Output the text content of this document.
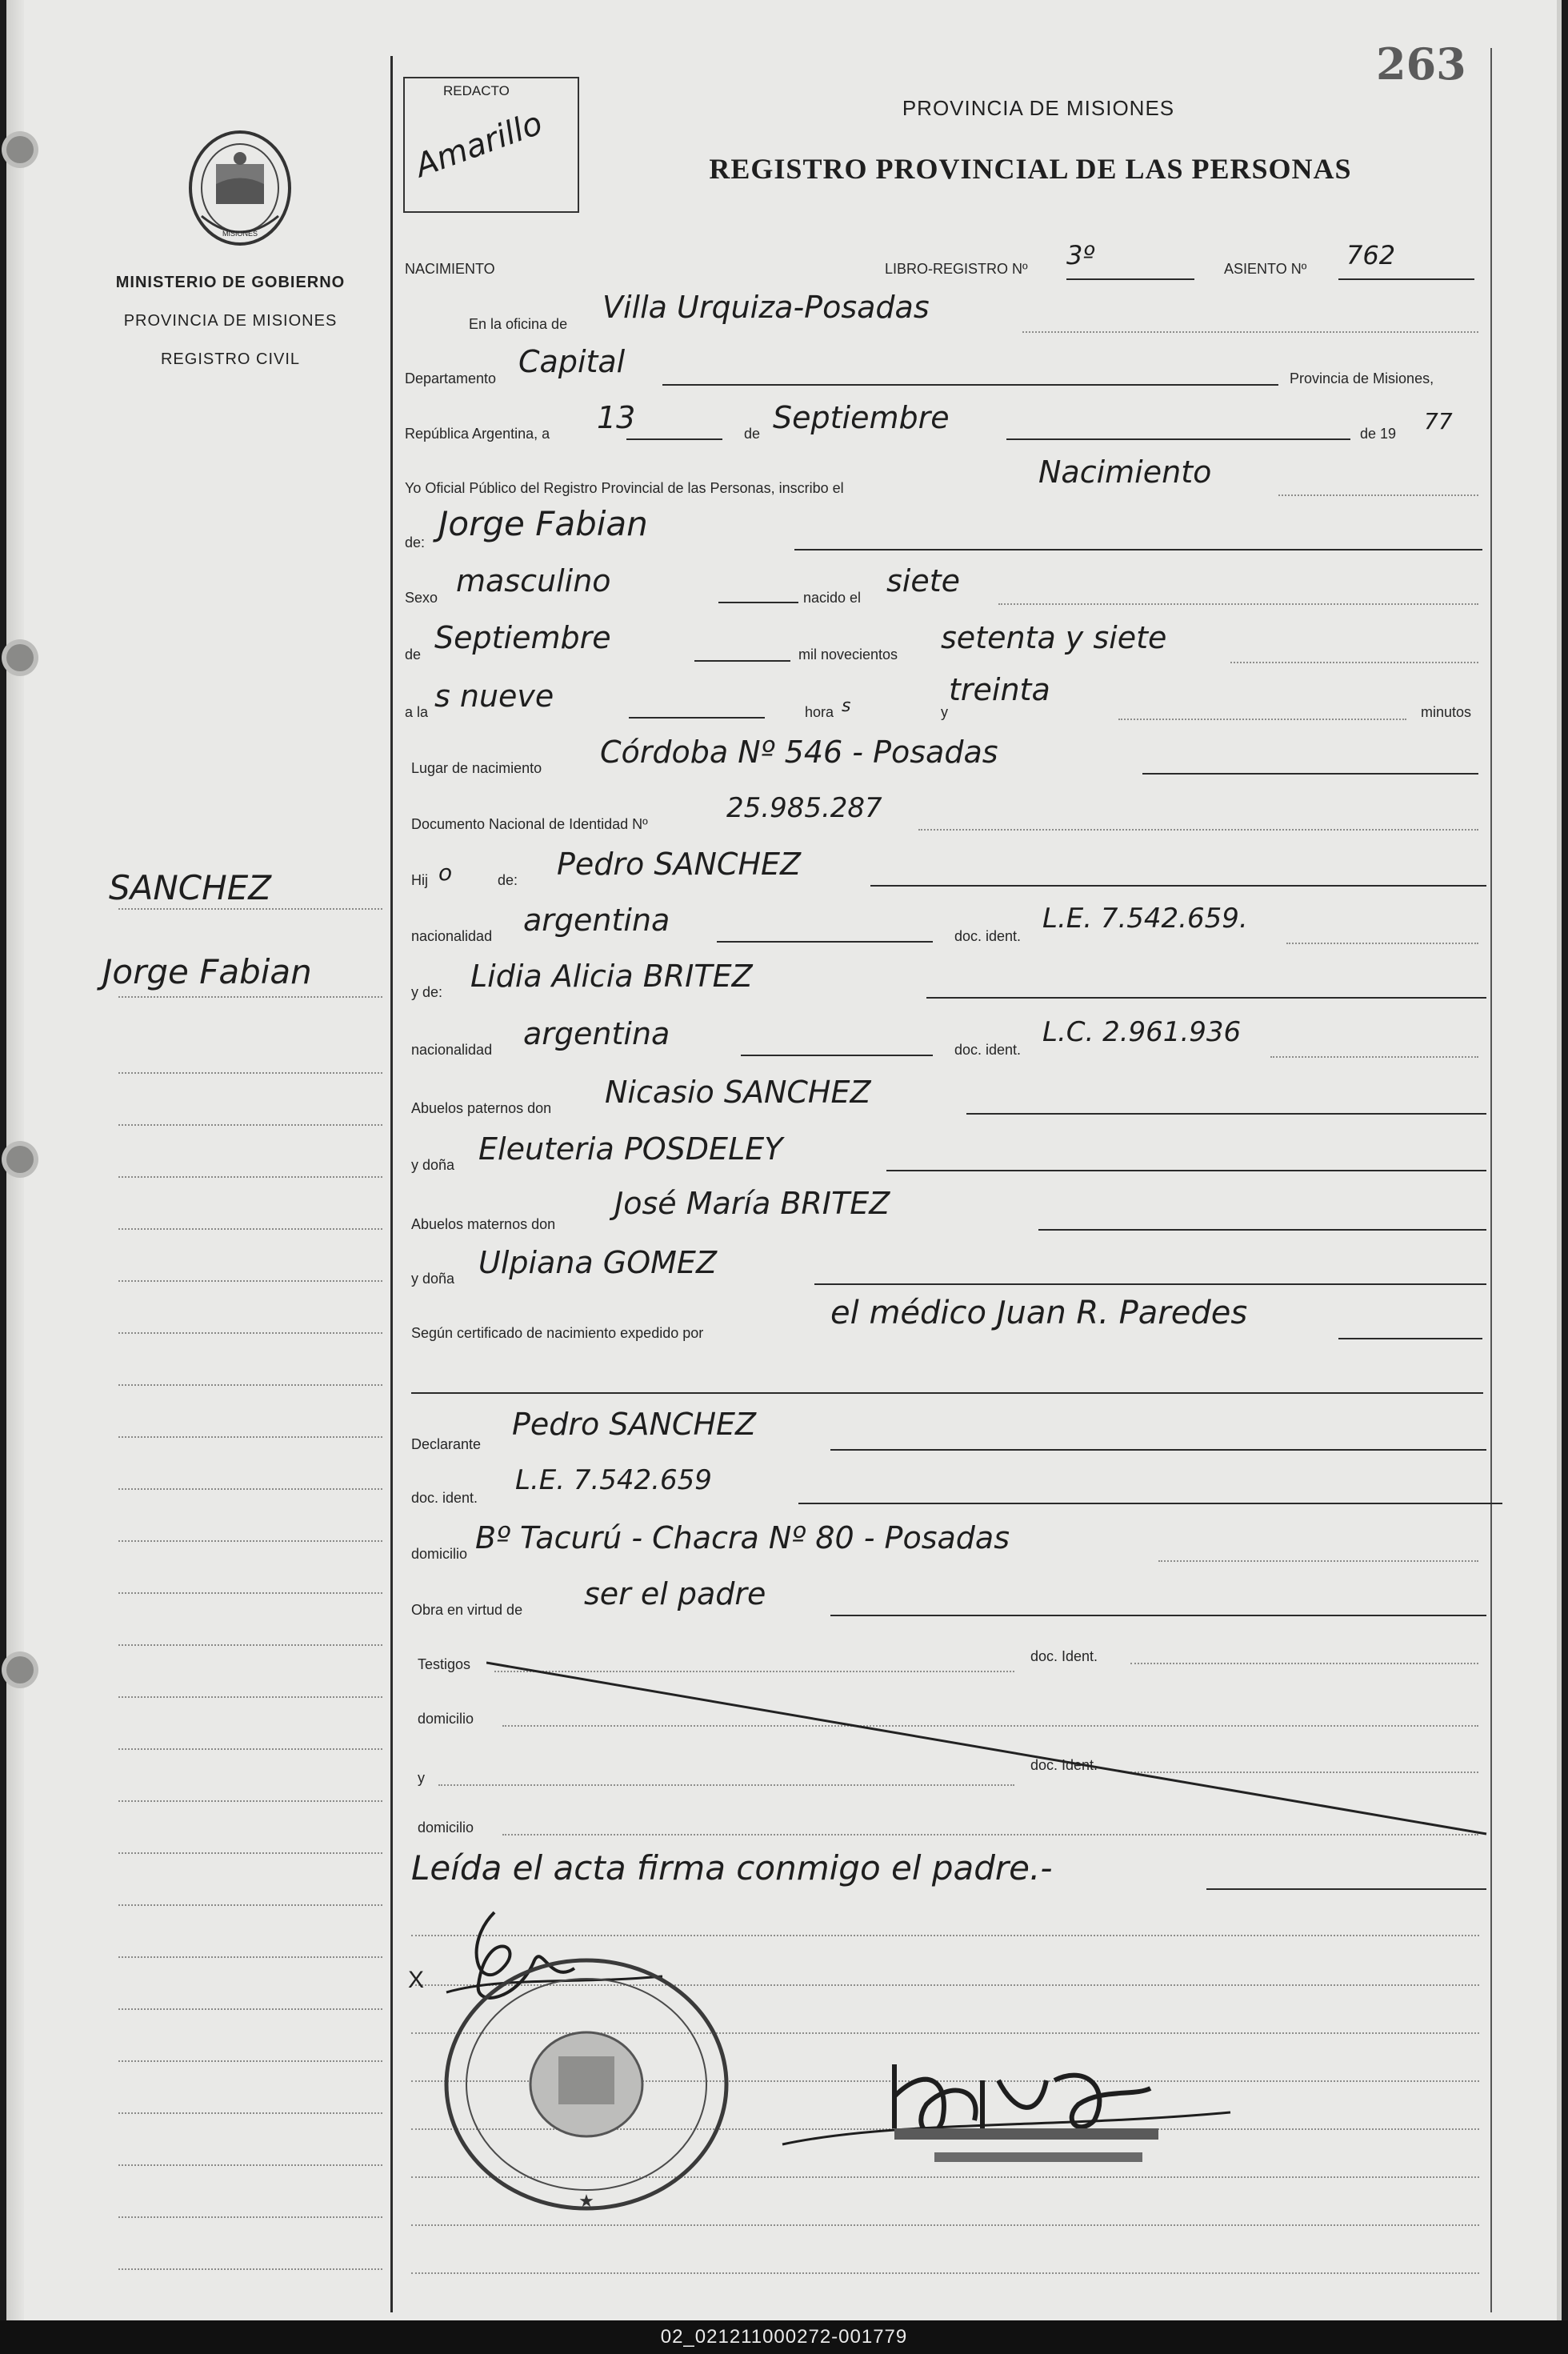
263
MISIONES
MINISTERIO DE GOBIERNO
PROVINCIA DE MISIONES
REGISTRO CIVIL
SANCHEZ
Jorge Fabian
REDACTO
Amarillo	PROVINCIA DE MISIONES
REGISTRO PROVINCIAL DE LAS PERSONAS
NACIMIENTO	LIBRO-REGISTRO Nº 3º	ASIENTO Nº 762
En la oficina de Villa Urquiza-Posadas
Departamento Capital	Provincia de Misiones,
República Argentina, a 13	de Septiembre	de 19 77
Yo Oficial Público del Registro Provincial de las Personas, inscribo el	Nacimiento
de: Jorge Fabian
Sexo masculino	nacido el siete
de Septiembre	mil novecientos setenta y siete
a la s nueve	hora s	y
treinta
minutos
Lugar de nacimiento Córdoba Nº 546 - Posadas
Documento Nacional de Identidad Nº	25.985.287
Hij o	de: Pedro SANCHEZ
nacionalidad argentina	doc. ident.
L.E. 7.542.659.
y de: Lidia Alicia BRITEZ
nacionalidad argentina	doc. ident.
L.C. 2.961.936
Abuelos paternos don Nicasio SANCHEZ
y doña Eleuteria POSDELEY
Abuelos maternos don
José María BRITEZ
y doña Ulpiana GOMEZ
Según certificado de nacimiento expedido por
el médico Juan R. Paredes
Declarante
Pedro SANCHEZ
doc. ident.
L.E. 7.542.659
domicilio Bº Tacurú - Chacra Nº 80 - Posadas
Obra en virtud de ser el padre
Testigos	doc. Ident.
domicilio
y
doc. Ident.
domicilio
Leída el acta firma conmigo el padre.-
X
★
02_021211000272-001779
